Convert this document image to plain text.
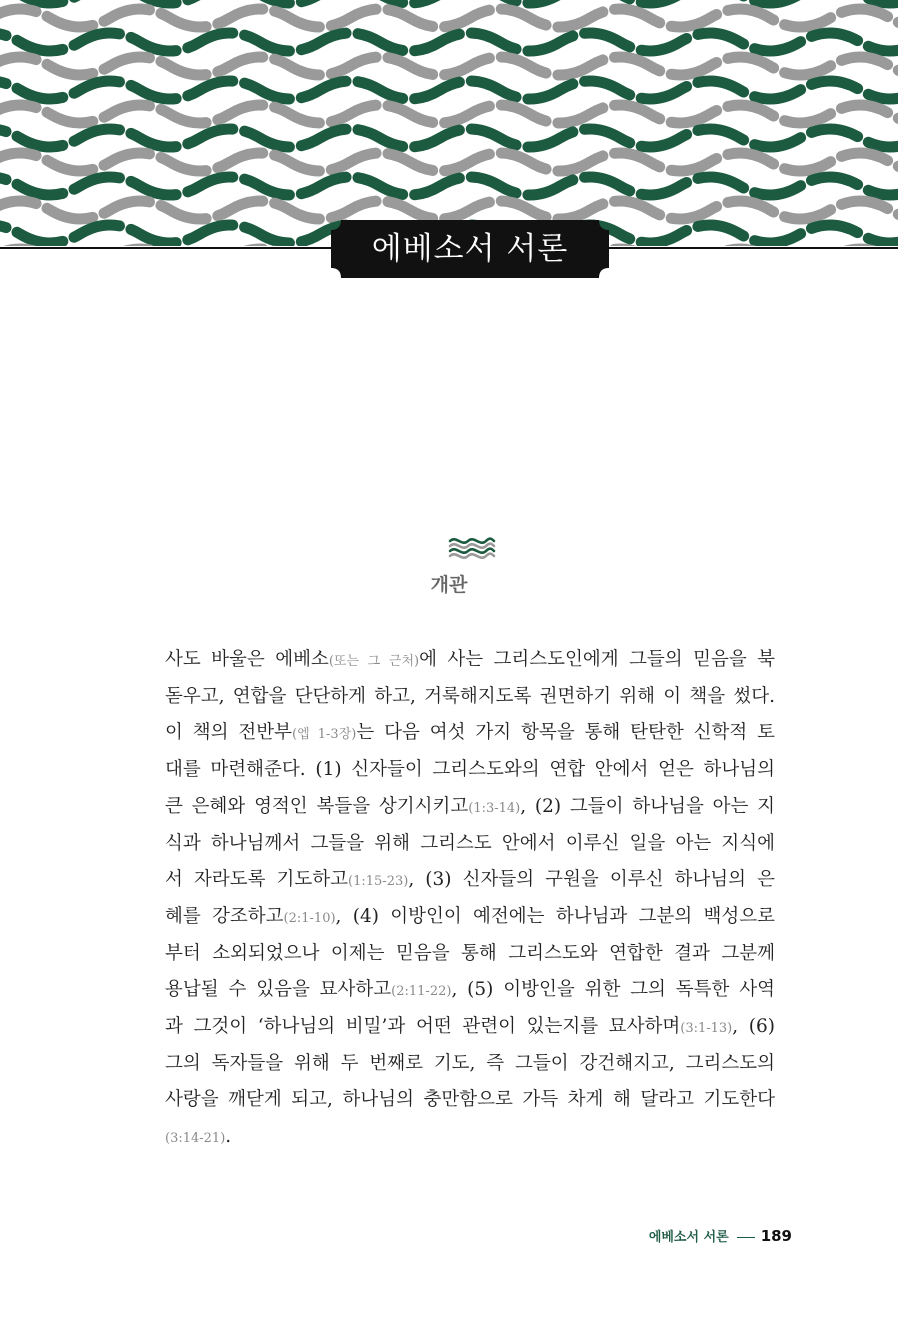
에베소서 서론
개관
사도 바울은 에베소(또는 그 근처)에 사는 그리스도인에게 그들의 믿음을 북
돋우고, 연합을 단단하게 하고, 거룩해지도록 권면하기 위해 이 책을 썼다.
이 책의 전반부(엡 1-3장)는 다음 여섯 가지 항목을 통해 탄탄한 신학적 토
대를 마련해준다. (1) 신자들이 그리스도와의 연합 안에서 얻은 하나님의
큰 은혜와 영적인 복들을 상기시키고(1:3-14), (2) 그들이 하나님을 아는 지
식과 하나님께서 그들을 위해 그리스도 안에서 이루신 일을 아는 지식에
서 자라도록 기도하고(1:15-23), (3) 신자들의 구원을 이루신 하나님의 은
혜를 강조하고(2:1-10), (4) 이방인이 예전에는 하나님과 그분의 백성으로
부터 소외되었으나 이제는 믿음을 통해 그리스도와 연합한 결과 그분께
용납될 수 있음을 묘사하고(2:11-22), (5) 이방인을 위한 그의 독특한 사역
과 그것이 ‘하나님의 비밀’과 어떤 관련이 있는지를 묘사하며(3:1-13), (6)
그의 독자들을 위해 두 번째로 기도, 즉 그들이 강건해지고, 그리스도의
사랑을 깨닫게 되고, 하나님의 충만함으로 가득 차게 해 달라고 기도한다
(3:14-21).
에베소서 서론 189
